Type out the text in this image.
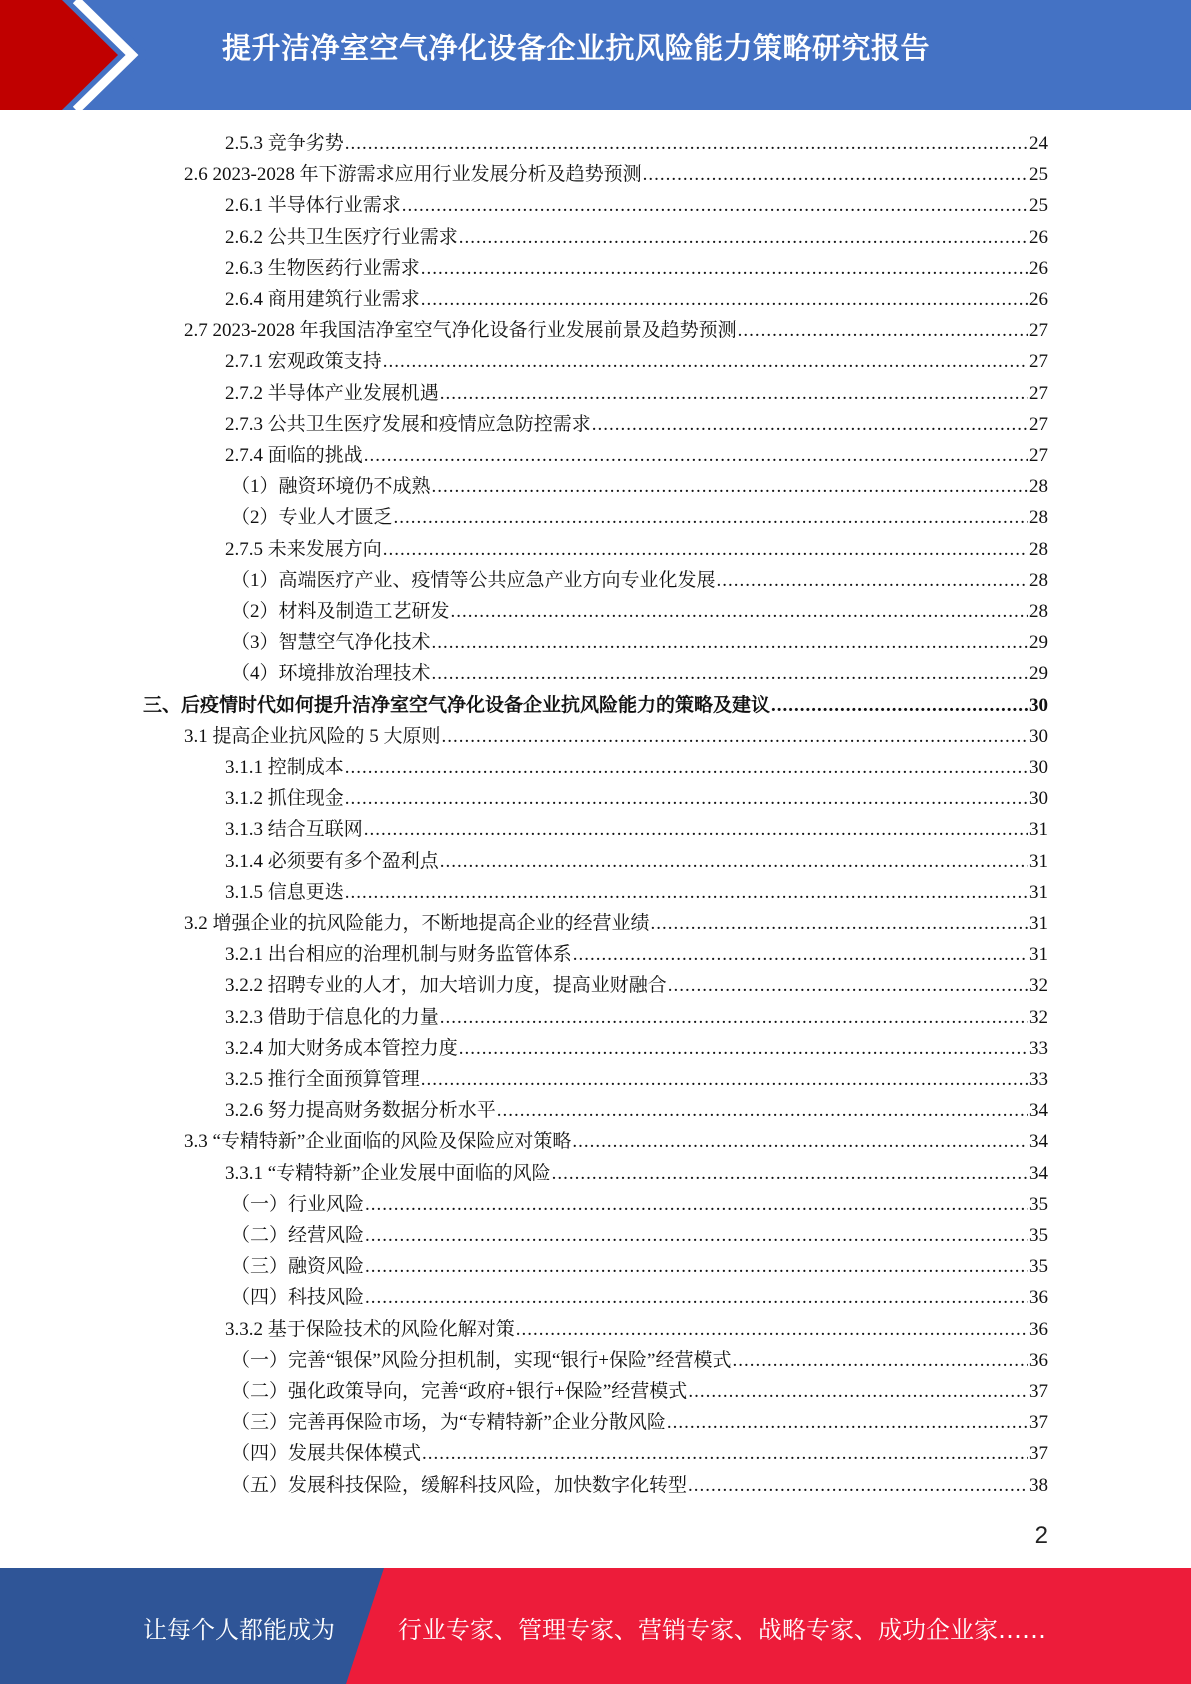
提升洁净室空气净化设备企业抗风险能力策略研究报告
2.5.3 竞争劣势 .....	24
2.6 2023-2028 年下游需求应用行业发展分析及趋势预测 .....	25
2.6.1 半导体行业需求 .....	25
2.6.2 公共卫生医疗行业需求 .....	26
2.6.3 生物医药行业需求 .....	26
2.6.4 商用建筑行业需求 .....	26
2.7 2023-2028 年我国洁净室空气净化设备行业发展前景及趋势预测 .....	27
2.7.1 宏观政策支持 .....	27
2.7.2 半导体产业发展机遇 .....	27
2.7.3 公共卫生医疗发展和疫情应急防控需求 .....	27
2.7.4 面临的挑战 .....	27
（1）融资环境仍不成熟 .....	28
（2）专业人才匮乏 .....	28
2.7.5 未来发展方向 .....	28
（1）高端医疗产业、疫情等公共应急产业方向专业化发展 .....	28
（2）材料及制造工艺研发 .....	28
（3）智慧空气净化技术 .....	29
（4）环境排放治理技术 .....	29
三、后疫情时代如何提升洁净室空气净化设备企业抗风险能力的策略及建议 .....	30
3.1 提高企业抗风险的 5 大原则 .....	30
3.1.1 控制成本 .....	30
3.1.2 抓住现金 .....	30
3.1.3 结合互联网 .....	31
3.1.4 必须要有多个盈利点 .....	31
3.1.5 信息更迭 .....	31
3.2 增强企业的抗风险能力，不断地提高企业的经营业绩 .....	31
3.2.1 出台相应的治理机制与财务监管体系 .....	31
3.2.2 招聘专业的人才，加大培训力度，提高业财融合 .....	32
3.2.3 借助于信息化的力量 .....	32
3.2.4 加大财务成本管控力度 .....	33
3.2.5 推行全面预算管理 .....	33
3.2.6 努力提高财务数据分析水平 .....	34
3.3 “专精特新”企业面临的风险及保险应对策略 .....	34
3.3.1 “专精特新”企业发展中面临的风险 .....	34
（一）行业风险 .....	35
（二）经营风险 .....	35
（三）融资风险 .....	35
（四）科技风险 .....	36
3.3.2 基于保险技术的风险化解对策 .....	36
（一）完善“银保”风险分担机制，实现“银行+保险”经营模式 .....	36
（二）强化政策导向，完善“政府+银行+保险”经营模式 .....	37
（三）完善再保险市场，为“专精特新”企业分散风险 .....	37
（四）发展共保体模式 .....	37
（五）发展科技保险，缓解科技风险，加快数字化转型 .....	38
2
让每个人都能成为	行业专家、管理专家、营销专家、战略专家、成功企业家……
